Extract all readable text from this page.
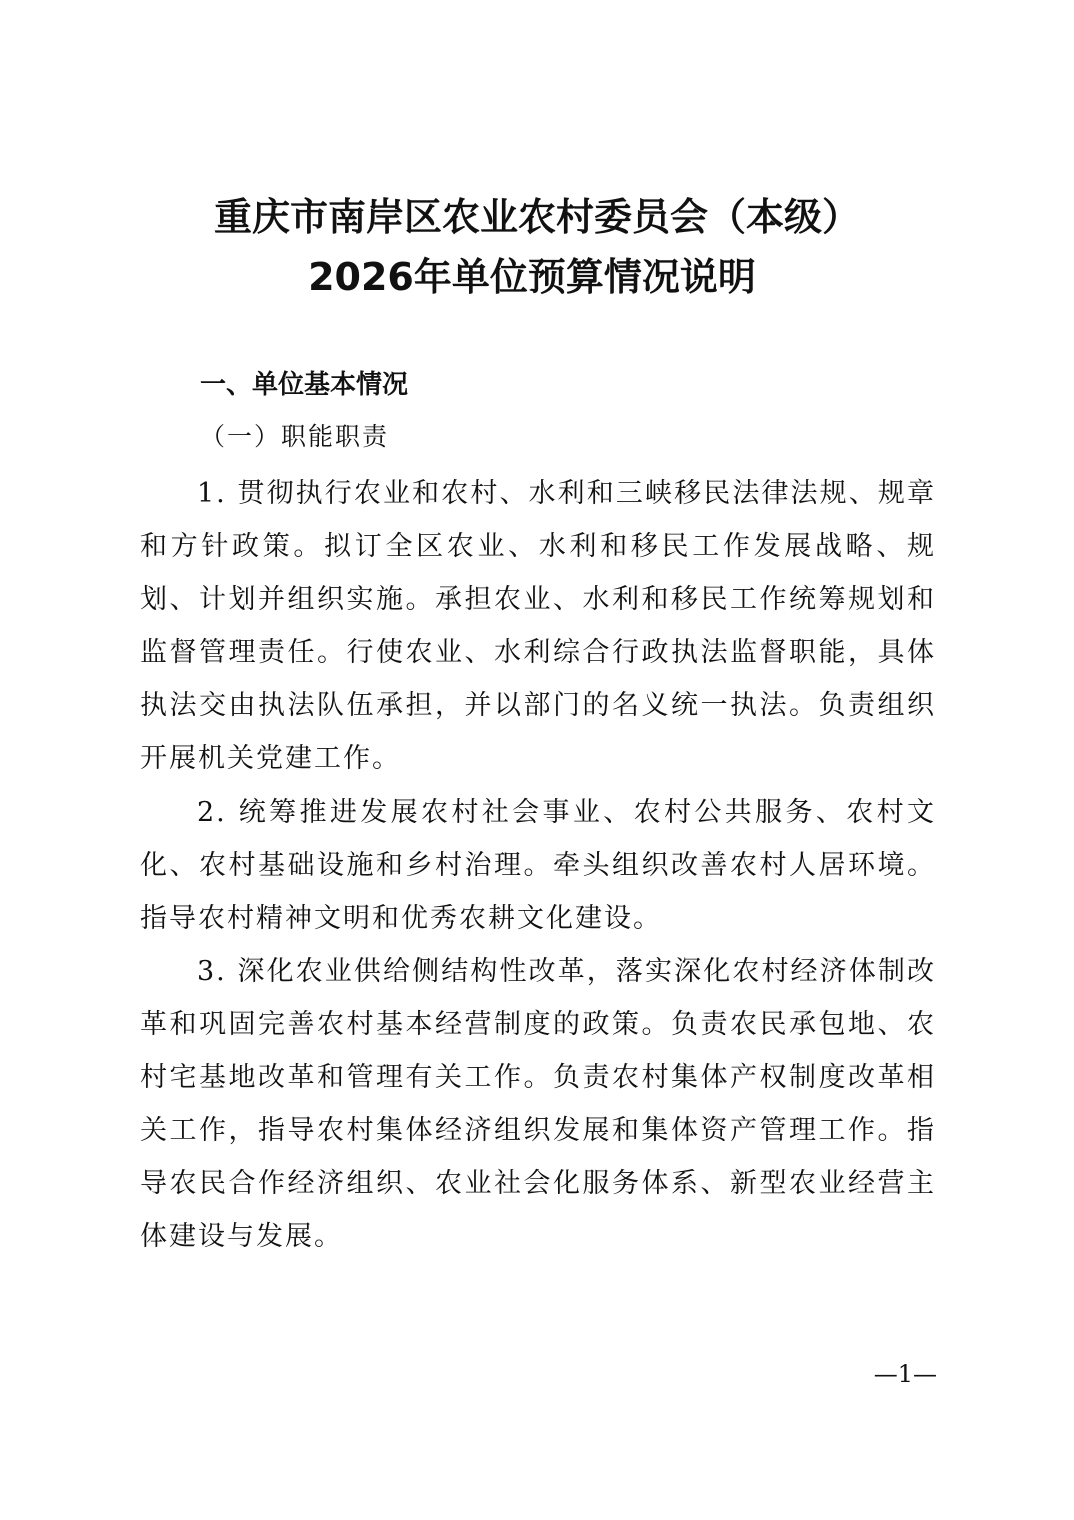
重庆市南岸区农业农村委员会（本级）
2026年单位预算情况说明
一、单位基本情况
（一）职能职责

1. 贯彻执行农业和农村、水利和三峡移民法律法规、规章和方针政策。拟订全区农业、水利和移民工作发展战略、规划、计划并组织实施。承担农业、水利和移民工作统筹规划和监督管理责任。行使农业、水利综合行政执法监督职能，具体执法交由执法队伍承担，并以部门的名义统一执法。负责组织开展机关党建工作。

2. 统筹推进发展农村社会事业、农村公共服务、农村文化、农村基础设施和乡村治理。牵头组织改善农村人居环境。指导农村精神文明和优秀农耕文化建设。

3. 深化农业供给侧结构性改革，落实深化农村经济体制改革和巩固完善农村基本经营制度的政策。负责农民承包地、农村宅基地改革和管理有关工作。负责农村集体产权制度改革相关工作，指导农村集体经济组织发展和集体资产管理工作。指导农民合作经济组织、农业社会化服务体系、新型农业经营主体建设与发展。

—1—
